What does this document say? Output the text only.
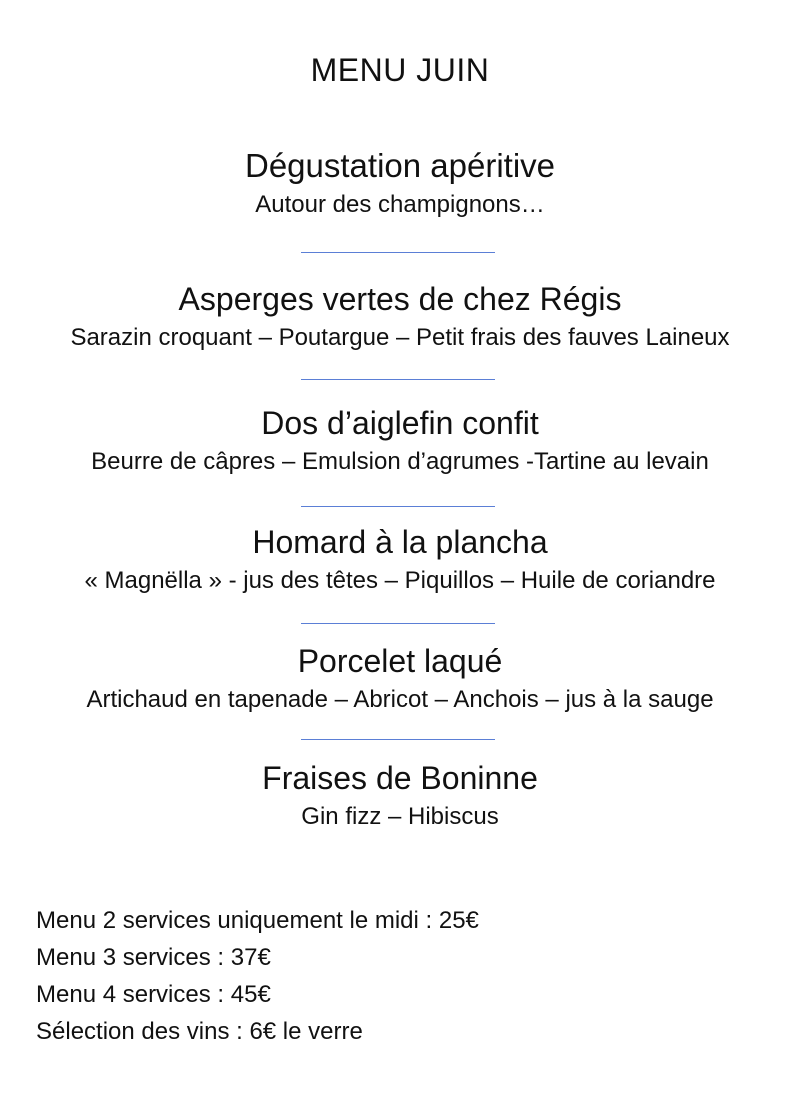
MENU JUIN
Dégustation apéritive
Autour des champignons…
Asperges vertes de chez Régis
Sarazin croquant – Poutargue – Petit frais des fauves Laineux
Dos d’aiglefin confit
Beurre de câpres – Emulsion d’agrumes -Tartine au levain
Homard à la plancha
« Magnëlla » - jus des têtes – Piquillos – Huile de coriandre
Porcelet laqué
Artichaud en tapenade – Abricot – Anchois – jus à la sauge
Fraises de Boninne
Gin fizz – Hibiscus
Menu 2 services uniquement le midi : 25€
Menu 3 services : 37€
Menu 4 services : 45€
Sélection des vins : 6€ le verre
